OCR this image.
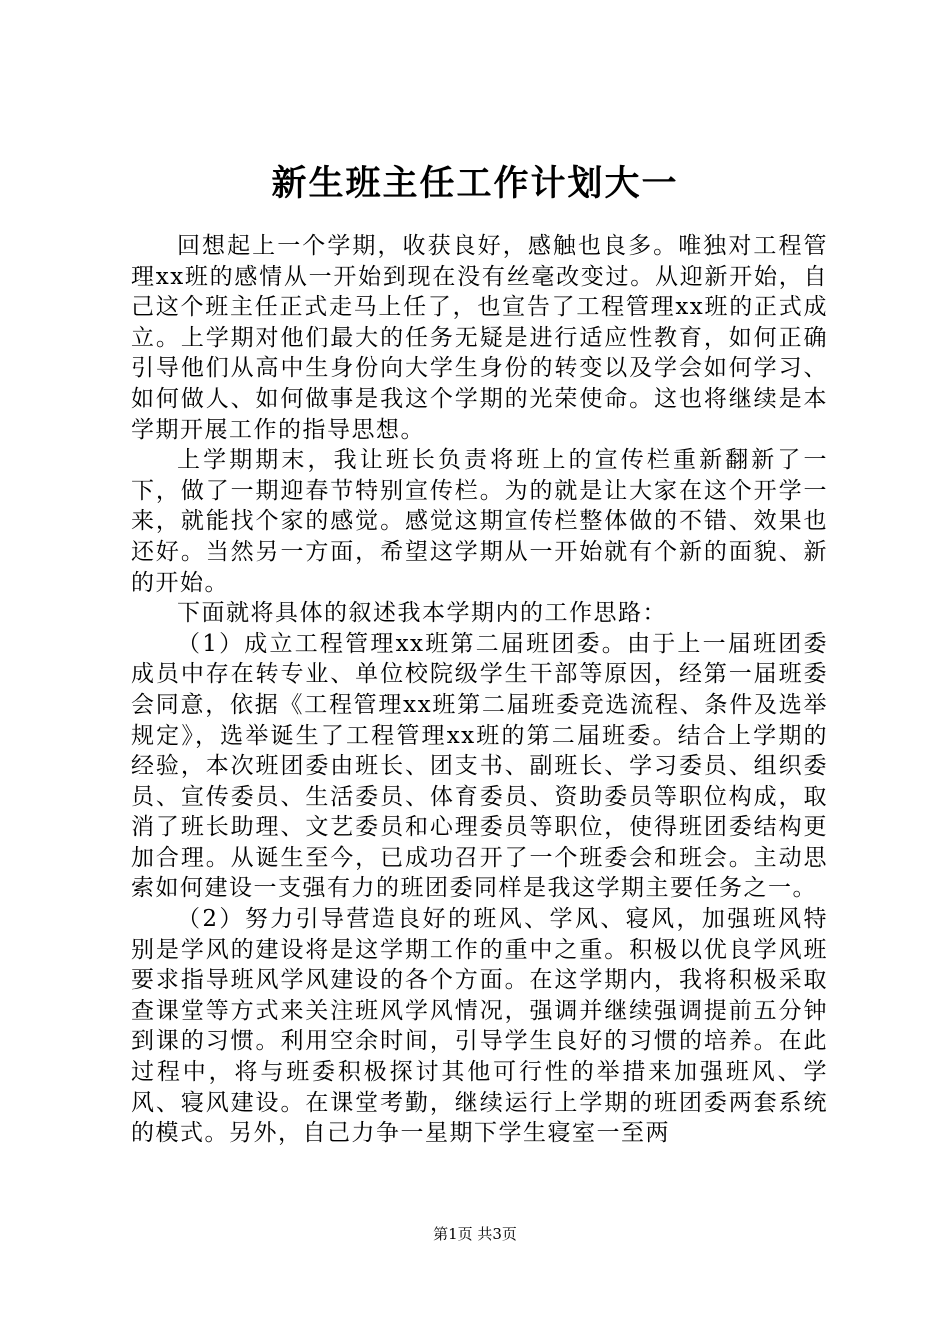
新生班主任工作计划大一

回想起上一个学期，收获良好，感触也良多。唯独对工程管理xx班的感情从一开始到现在没有丝毫改变过。从迎新开始，自己这个班主任正式走马上任了，也宣告了工程管理xx班的正式成立。上学期对他们最大的任务无疑是进行适应性教育，如何正确引导他们从高中生身份向大学生身份的转变以及学会如何学习、如何做人、如何做事是我这个学期的光荣使命。这也将继续是本学期开展工作的指导思想。

上学期期末，我让班长负责将班上的宣传栏重新翻新了一下，做了一期迎春节特别宣传栏。为的就是让大家在这个开学一来，就能找个家的感觉。感觉这期宣传栏整体做的不错、效果也还好。当然另一方面，希望这学期从一开始就有个新的面貌、新的开始。

下面就将具体的叙述我本学期内的工作思路：

（1）成立工程管理xx班第二届班团委。由于上一届班团委成员中存在转专业、单位校院级学生干部等原因，经第一届班委会同意，依据《工程管理xx班第二届班委竞选流程、条件及选举规定》，选举诞生了工程管理xx班的第二届班委。结合上学期的经验，本次班团委由班长、团支书、副班长、学习委员、组织委员、宣传委员、生活委员、体育委员、资助委员等职位构成，取消了班长助理、文艺委员和心理委员等职位，使得班团委结构更加合理。从诞生至今，已成功召开了一个班委会和班会。主动思索如何建设一支强有力的班团委同样是我这学期主要任务之一。

（2）努力引导营造良好的班风、学风、寝风，加强班风特别是学风的建设将是这学期工作的重中之重。积极以优良学风班要求指导班风学风建设的各个方面。在这学期内，我将积极采取查课堂等方式来关注班风学风情况，强调并继续强调提前五分钟到课的习惯。利用空余时间，引导学生良好的习惯的培养。在此过程中，将与班委积极探讨其他可行性的举措来加强班风、学风、寝风建设。在课堂考勤，继续运行上学期的班团委两套系统的模式。另外，自己力争一星期下学生寝室一至两

第1页 共3页
